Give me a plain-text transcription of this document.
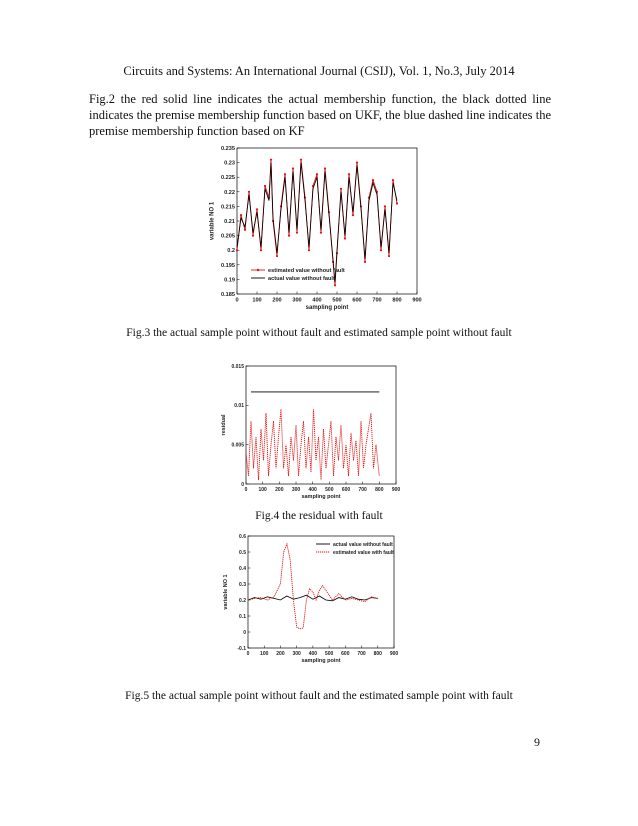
Circuits and Systems: An International Journal (CSIJ), Vol. 1, No.3, July 2014
Fig.2 the red solid line indicates the actual membership function, the black dotted line indicates the premise membership function based on UKF, the blue dashed line indicates the premise membership function based on KF
0 100 200 300 400 500 600 700 800 900
0.185
0.19
0.195
0.2
0.205
0.21
0.215
0.22
0.225
0.23
0.235
sampling point
variable NO 1
estimated value without fault
actual value without fault
Fig.3 the actual sample point without fault and estimated sample point without fault
0 100 200 300 400 500 600 700 800 900
0
0.005
0.01
0.015
sampling point
residual
Fig.4 the residual with fault
0 100 200 300 400 500 600 700 800 900
-0.1
0
0.1
0.2
0.3
0.4
0.5
0.6
sampling point
variable NO 1
actual value without fault
estimated value with fault
Fig.5 the actual sample point without fault and the estimated sample point with fault
9
